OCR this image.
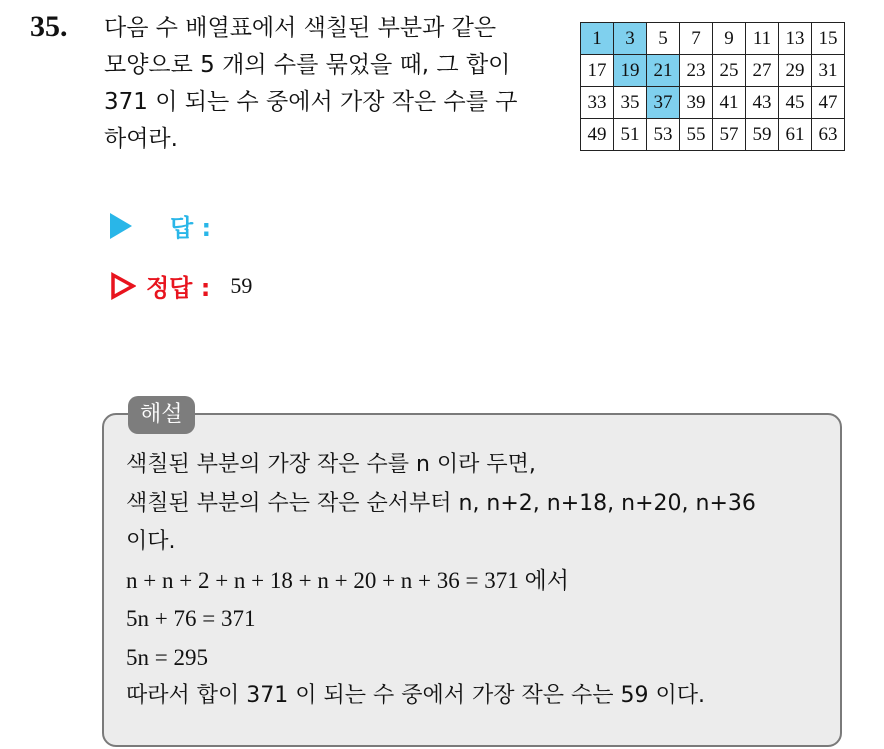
35. 다음 수 배열표에서 색칠된 부분과 같은
모양으로 5 개의 수를 묶었을 때, 그 합이
371 이 되는 수 중에서 가장 작은 수를 구
하여라.
1	3	5	7	9	11	13	15
17	19	21	23	25	27	29	31
33	35	37	39	41	43	45	47
49	51	53	55	57	59	61	63
답 :
정답 : 59
해설
색칠된 부분의 가장 작은 수를 n 이라 두면,
색칠된 부분의 수는 작은 순서부터 n, n+2, n+18, n+20, n+36
이다.
n + n + 2 + n + 18 + n + 20 + n + 36 = 371 에서
5n + 76 = 371
5n = 295
따라서 합이 371 이 되는 수 중에서 가장 작은 수는 59 이다.
